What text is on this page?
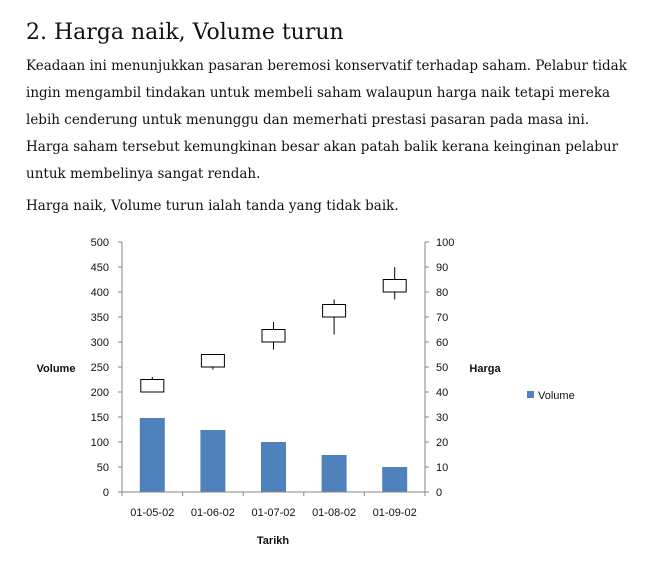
2. Harga naik, Volume turun

Keadaan ini menunjukkan pasaran beremosi konservatif terhadap saham. Pelabur tidak ingin mengambil tindakan untuk membeli saham walaupun harga naik tetapi mereka lebih cenderung untuk menunggu dan memerhati prestasi pasaran pada masa ini. Harga saham tersebut kemungkinan besar akan patah balik kerana keinginan pelabur untuk membelinya sangat rendah.

Harga naik, Volume turun ialah tanda yang tidak baik.

0
50
100
150
200
250
300
350
400
450
500
0
10
20
30
40
50
60
70
80
90
100
01-05-02 01-06-02 01-07-02 01-08-02 01-09-02
Volume	Harga
Tarikh
Volume
